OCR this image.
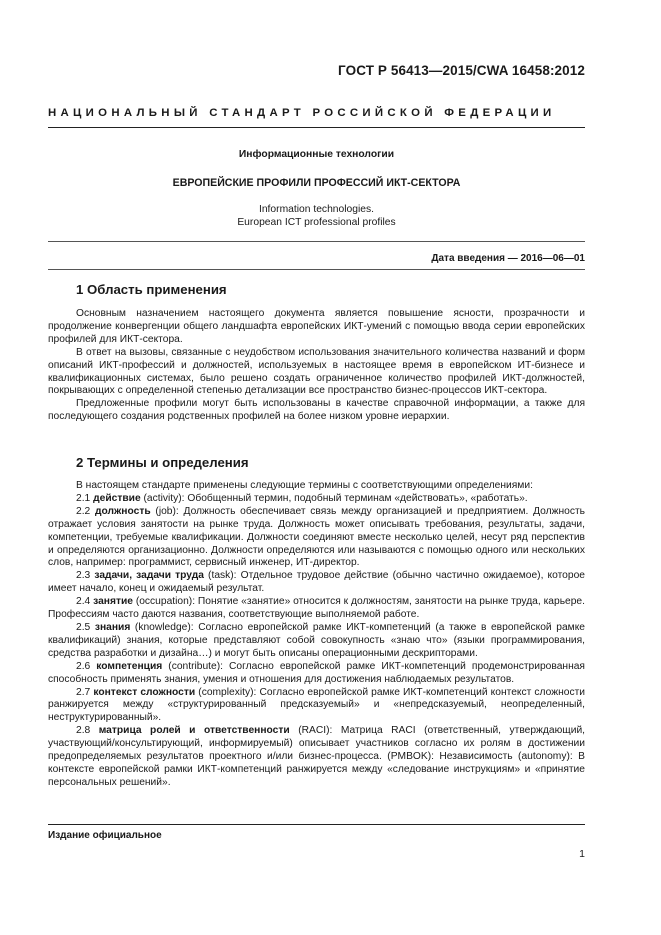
ГОСТ Р 56413—2015/CWA 16458:2012
НАЦИОНАЛЬНЫЙ СТАНДАРТ РОССИЙСКОЙ ФЕДЕРАЦИИ
Информационные технологии
ЕВРОПЕЙСКИЕ ПРОФИЛИ ПРОФЕССИЙ ИКТ-СЕКТОРА
Information technologies.
European ICT professional profiles
Дата введения — 2016—06—01
1 Область применения

Основным назначением настоящего документа является повышение ясности, прозрачности и продолжение конвергенции общего ландшафта европейских ИКТ-умений с помощью ввода серии европейских профилей для ИКТ-сектора.

В ответ на вызовы, связанные с неудобством использования значительного количества названий и форм описаний ИКТ-профессий и должностей, используемых в настоящее время в европейском ИТ-бизнесе и квалификационных системах, было решено создать ограниченное количество профилей ИКТ-должностей, покрывающих с определенной степенью детализации все пространство бизнес-процессов ИКТ-сектора.

Предложенные профили могут быть использованы в качестве справочной информации, а также для последующего создания родственных профилей на более низком уровне иерархии.

2 Термины и определения

В настоящем стандарте применены следующие термины с соответствующими определениями:

2.1 действие (activity): Обобщенный термин, подобный терминам «действовать», «работать».

2.2 должность (job): Должность обеспечивает связь между организацией и предприятием. Должность отражает условия занятости на рынке труда. Должность может описывать требования, результаты, задачи, компетенции, требуемые квалификации. Должности соединяют вместе несколько целей, несут ряд перспектив и определяются организационно. Должности определяются или называются с помощью одного или нескольких слов, например: программист, сервисный инженер, ИТ-директор.

2.3 задачи, задачи труда (task): Отдельное трудовое действие (обычно частично ожидаемое), которое имеет начало, конец и ожидаемый результат.

2.4 занятие (occupation): Понятие «занятие» относится к должностям, занятости на рынке труда, карьере. Профессиям часто даются названия, соответствующие выполняемой работе.

2.5 знания (knowledge): Согласно европейской рамке ИКТ-компетенций (а также в европейской рамке квалификаций) знания, которые представляют собой совокупность «знаю что» (языки программирования, средства разработки и дизайна…) и могут быть описаны операционными дескрипторами.

2.6 компетенция (contribute): Согласно европейской рамке ИКТ-компетенций продемонстрированная способность применять знания, умения и отношения для достижения наблюдаемых результатов.

2.7 контекст сложности (complexity): Согласно европейской рамке ИКТ-компетенций контекст сложности ранжируется между «структурированный предсказуемый» и «непредсказуемый, неопределенный, неструктурированный».

2.8 матрица ролей и ответственности (RACI): Матрица RACI (ответственный, утверждающий, участвующий/консультирующий, информируемый) описывает участников согласно их ролям в достижении предопределяемых результатов проектного и/или бизнес-процесса. (PMBOK): Независимость (autonomy): В контексте европейской рамки ИКТ-компетенций ранжируется между «следование инструкциям» и «принятие персональных решений».

Издание официальное
1
